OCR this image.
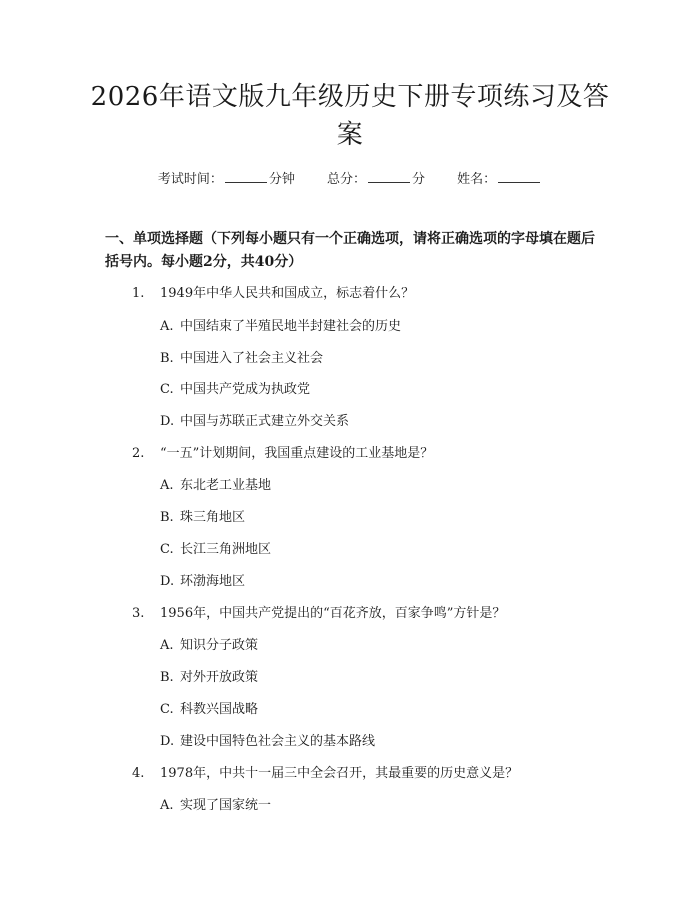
2026年语文版九年级历史下册专项练习及答案
考试时间：	分钟 总分：	分 姓名：
一、单项选择题（下列每小题只有一个正确选项，请将正确选项的字母填在题后括号内。每小题2分，共40分）
1. 1949年中华人民共和国成立，标志着什么？
A. 中国结束了半殖民地半封建社会的历史
B. 中国进入了社会主义社会
C. 中国共产党成为执政党
D. 中国与苏联正式建立外交关系
2. “一五”计划期间，我国重点建设的工业基地是？
A. 东北老工业基地
B. 珠三角地区
C. 长江三角洲地区
D. 环渤海地区
3. 1956年，中国共产党提出的“百花齐放，百家争鸣”方针是？
A. 知识分子政策
B. 对外开放政策
C. 科教兴国战略
D. 建设中国特色社会主义的基本路线
4. 1978年，中共十一届三中全会召开，其最重要的历史意义是？
A. 实现了国家统一
